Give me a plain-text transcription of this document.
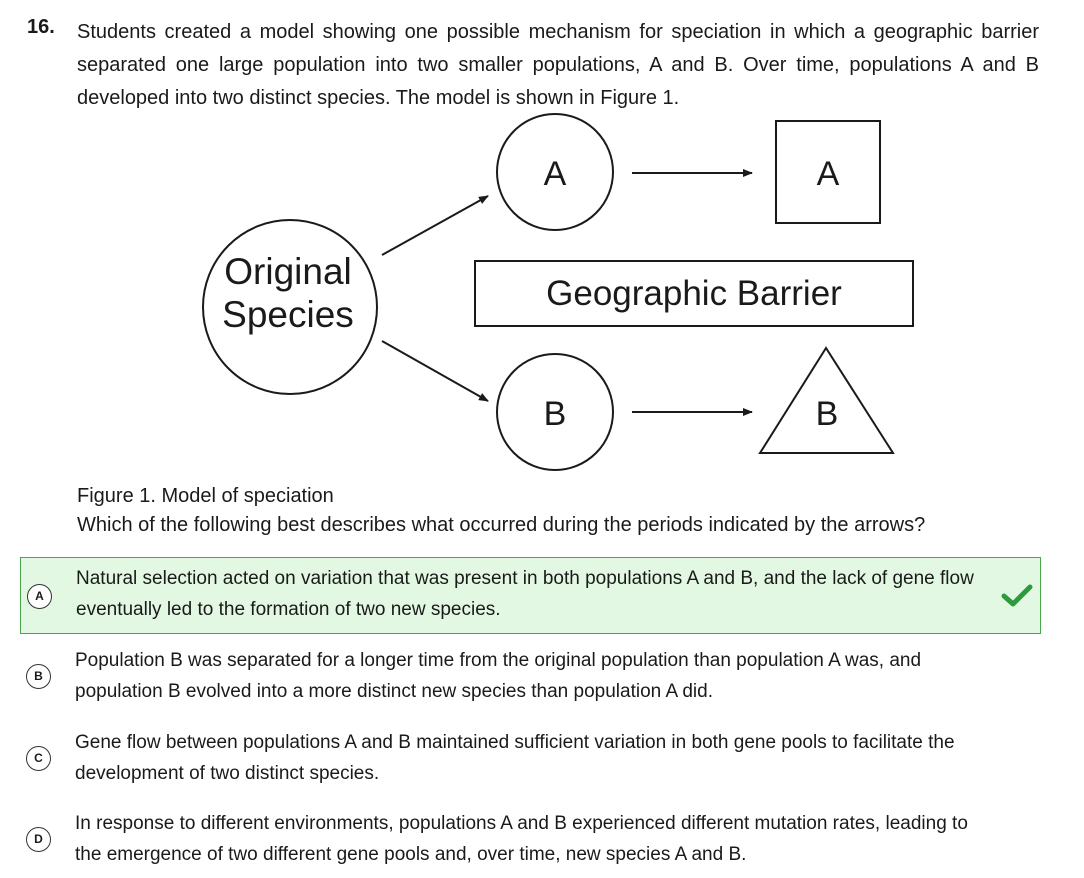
16. Students created a model showing one possible mechanism for speciation in which a geographic barrier separated one large population into two smaller populations, A and B. Over time, populations A and B developed into two distinct species. The model is shown in Figure 1.
Original
Species
A	A
Geographic Barrier
B	B
Figure 1. Model of speciation
Which of the following best describes what occurred during the periods indicated by the arrows?
A
Natural selection acted on variation that was present in both populations A and B, and the lack of gene flow eventually led to the formation of two new species.
B
Population B was separated for a longer time from the original population than population A was, and population B evolved into a more distinct new species than population A did.
C
Gene flow between populations A and B maintained sufficient variation in both gene pools to facilitate the development of two distinct species.
D
In response to different environments, populations A and B experienced different mutation rates, leading to the emergence of two different gene pools and, over time, new species A and B.
